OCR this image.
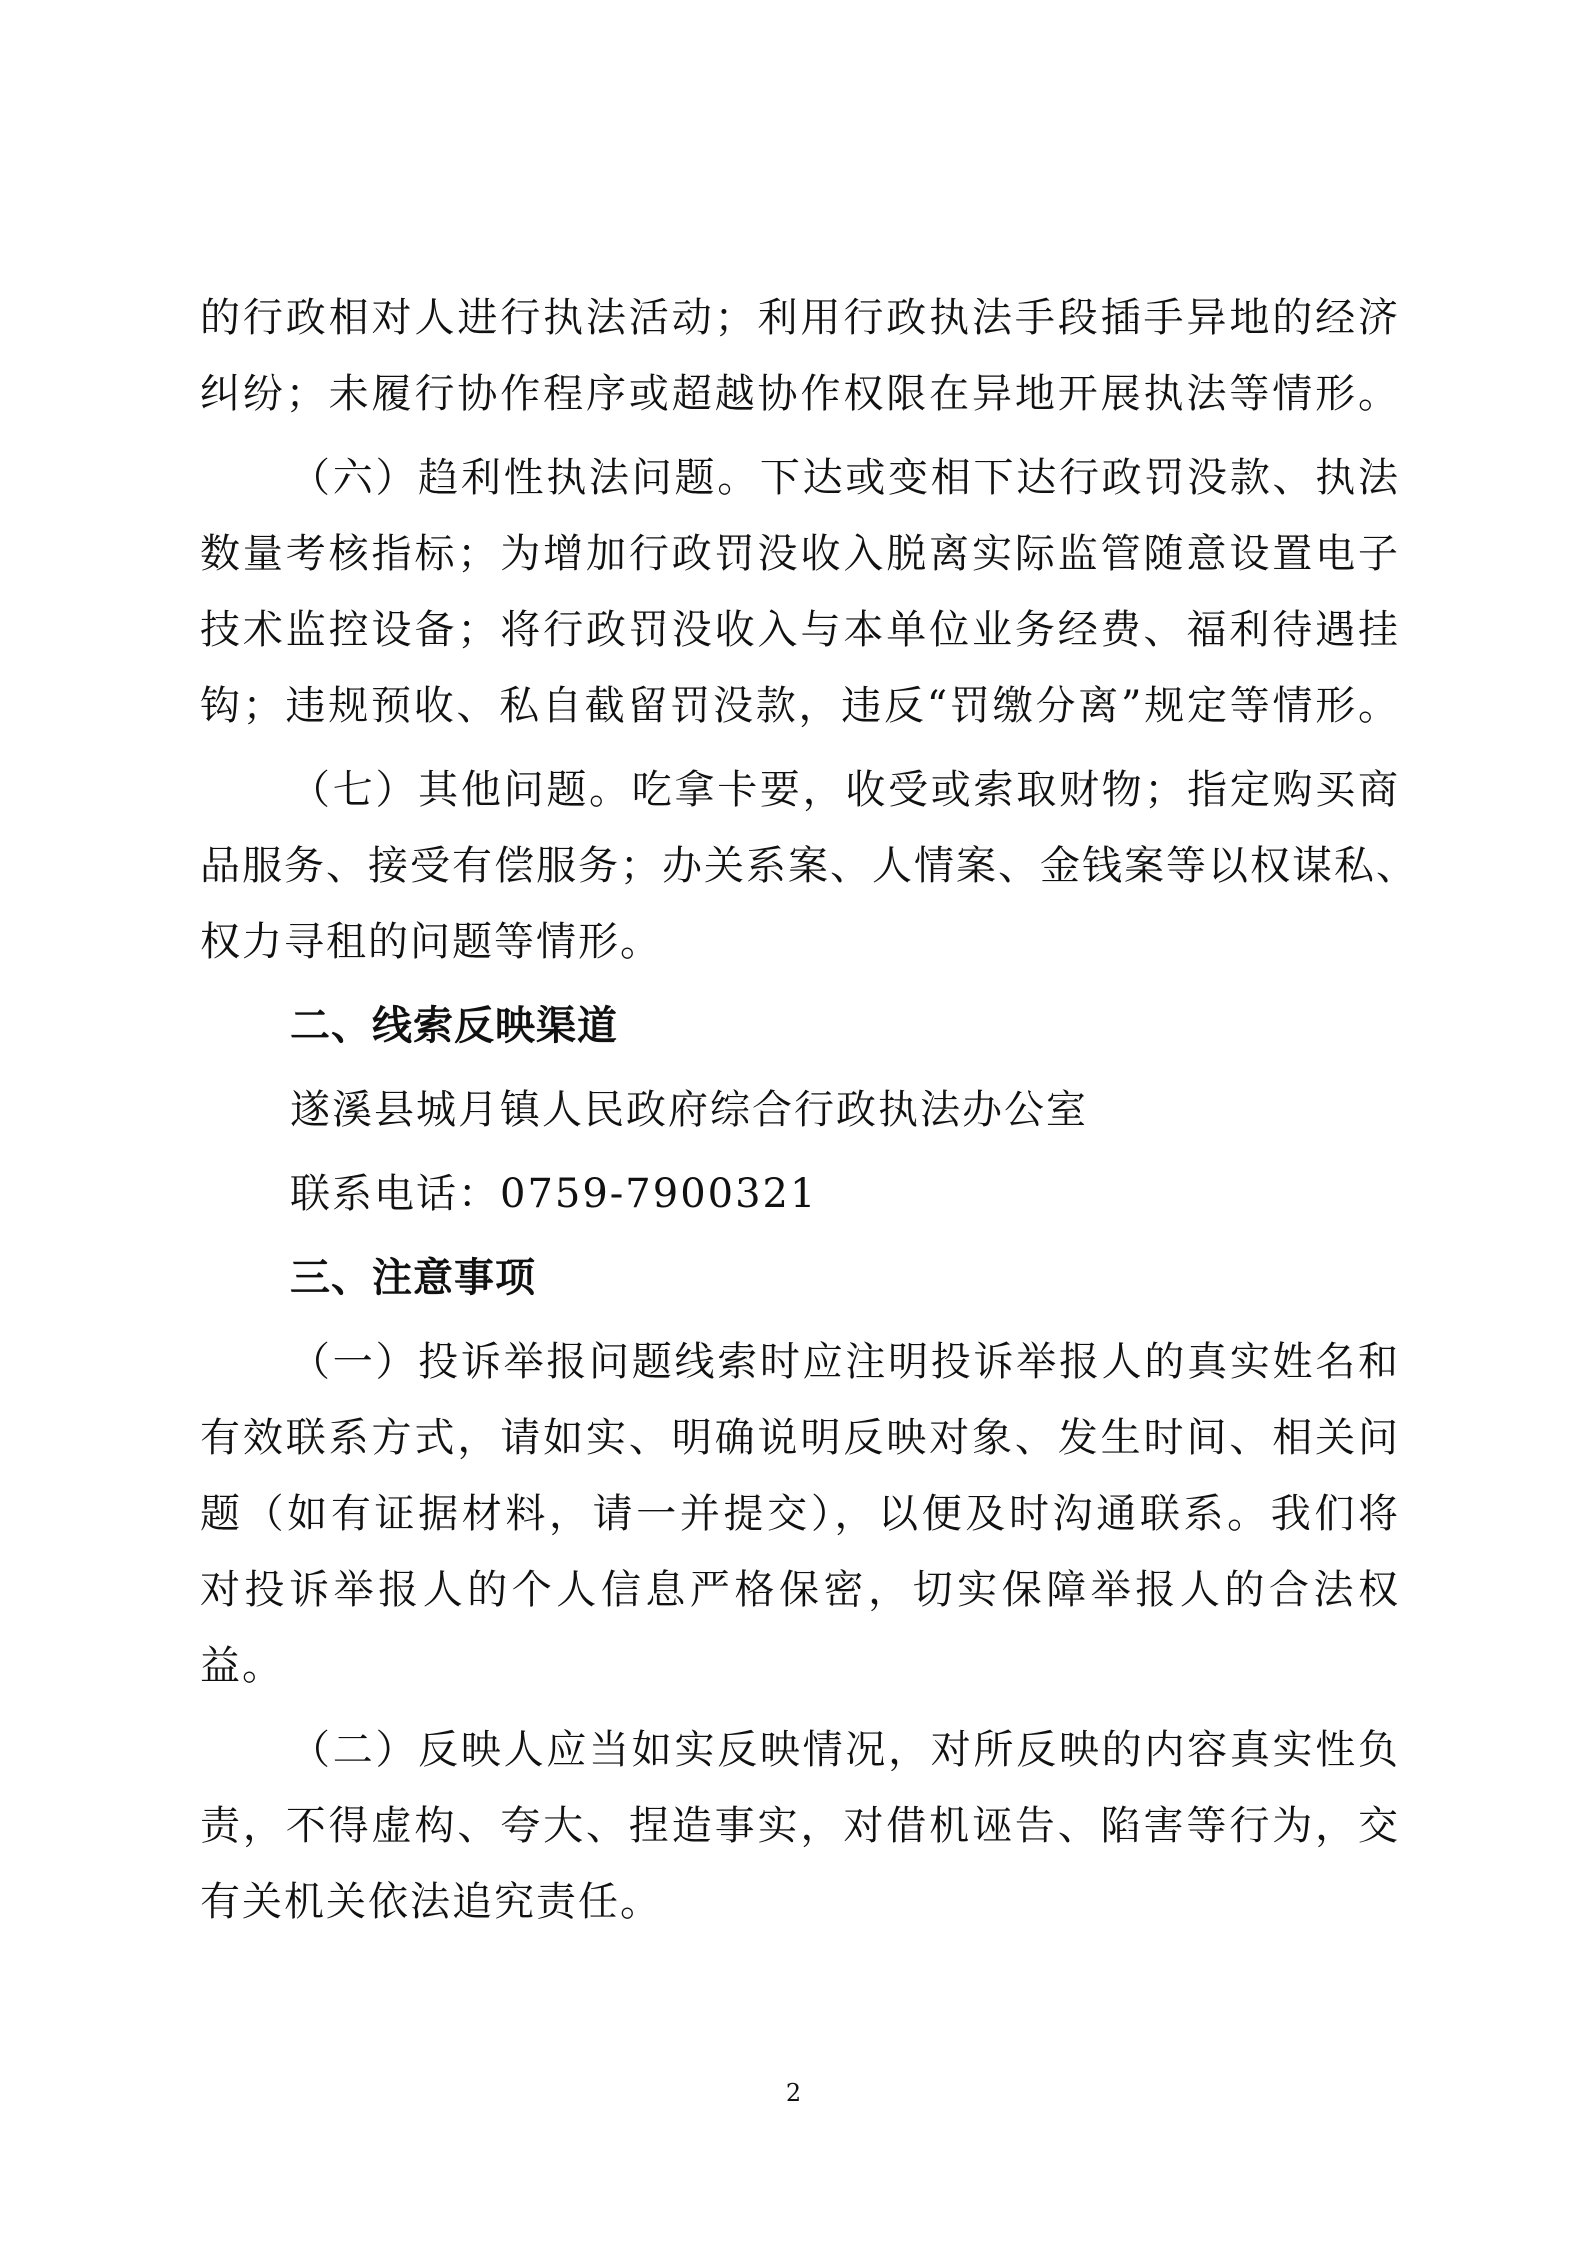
的行政相对人进行执法活动；利用行政执法手段插手异地的经济
纠纷；未履行协作程序或超越协作权限在异地开展执法等情形。
（六）趋利性执法问题。下达或变相下达行政罚没款、执法
数量考核指标；为增加行政罚没收入脱离实际监管随意设置电子
技术监控设备；将行政罚没收入与本单位业务经费、福利待遇挂
钩；违规预收、私自截留罚没款，违反“罚缴分离”规定等情形。
（七）其他问题。吃拿卡要，收受或索取财物；指定购买商
品服务、接受有偿服务；办关系案、人情案、金钱案等以权谋私、
权力寻租的问题等情形。
二、线索反映渠道
遂溪县城月镇人民政府综合行政执法办公室
联系电话：0759-7900321
三、注意事项
（一）投诉举报问题线索时应注明投诉举报人的真实姓名和
有效联系方式，请如实、明确说明反映对象、发生时间、相关问
题（如有证据材料，请一并提交），以便及时沟通联系。我们将
对投诉举报人的个人信息严格保密，切实保障举报人的合法权
益。
（二）反映人应当如实反映情况，对所反映的内容真实性负
责，不得虚构、夸大、捏造事实，对借机诬告、陷害等行为，交
有关机关依法追究责任。
2
